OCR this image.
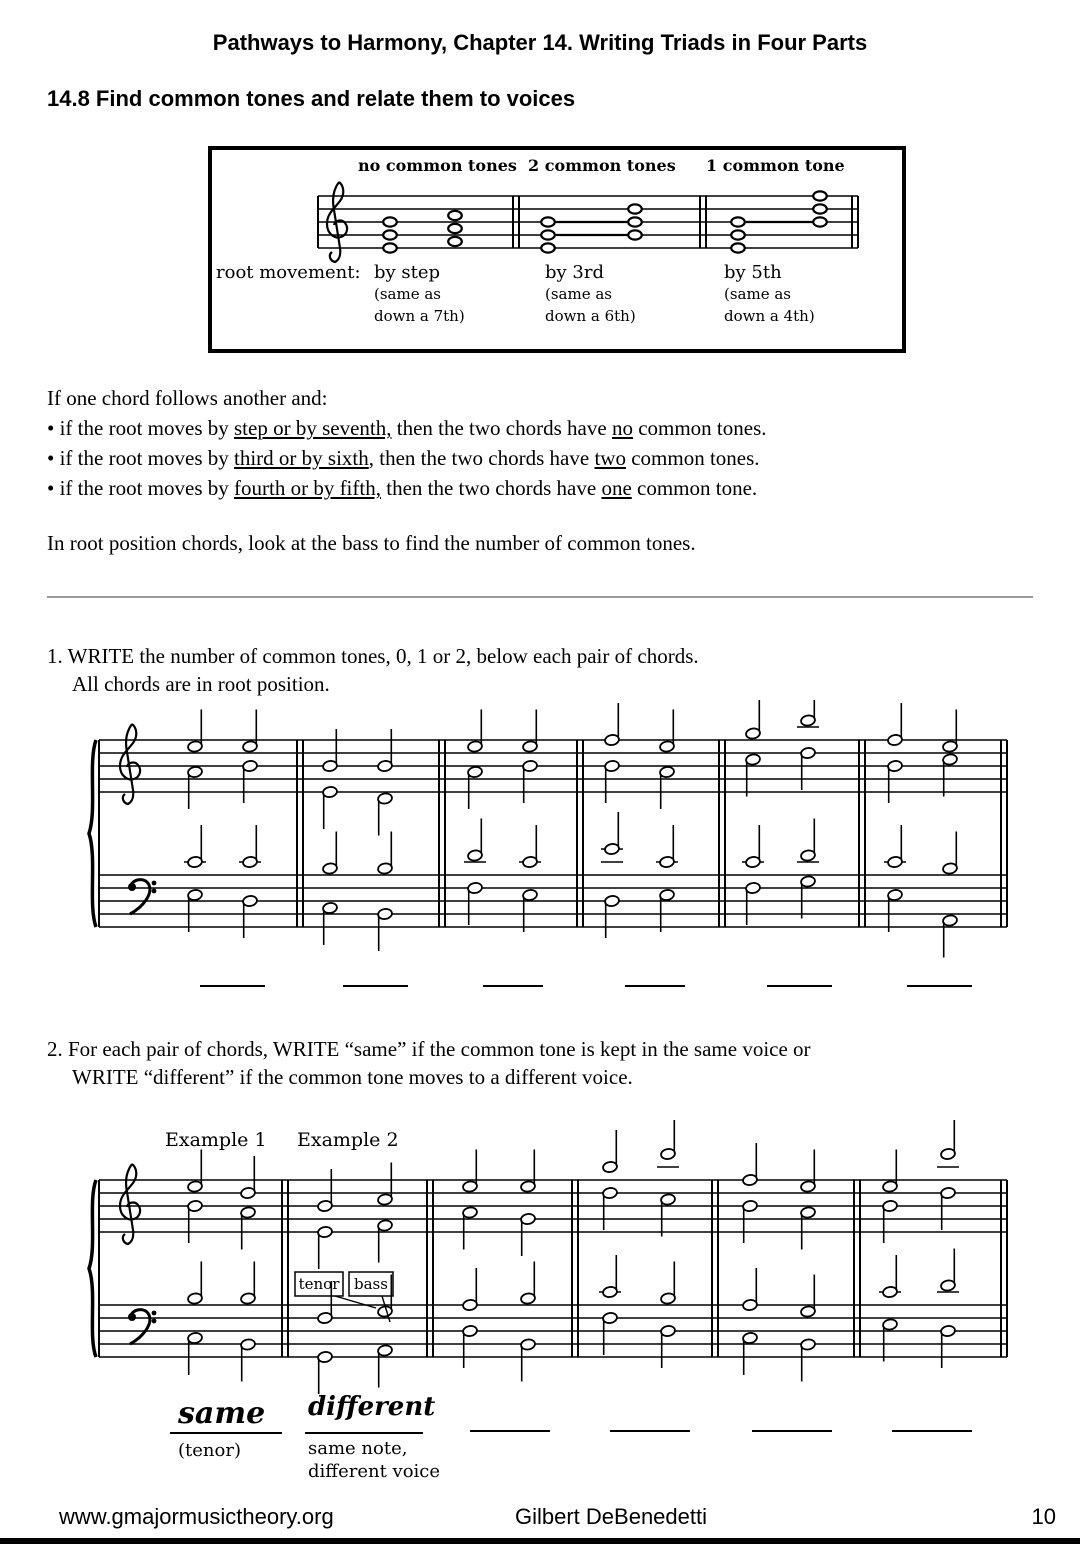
Pathways to Harmony, Chapter 14. Writing Triads in Four Parts
14.8 Find common tones and relate them to voices
no common tones 2 common tones 1 common tone
root movement: by step
(same as
down a 7th)
by 3rd
(same as
down a 6th)
by 5th
(same as
down a 4th)
If one chord follows another and:
• if the root moves by step or by seventh, then the two chords have no common tones.
• if the root moves by third or by sixth, then the two chords have two common tones.
• if the root moves by fourth or by fifth, then the two chords have one common tone.
In root position chords, look at the bass to find the number of common tones.
1. WRITE the number of common tones, 0, 1 or 2, below each pair of chords.
All chords are in root position.
2. For each pair of chords, WRITE “same” if the common tone is kept in the same voice or
WRITE “different” if the common tone moves to a different voice.
Example 1 Example 2
tenor bass
same
(tenor)
different
same note,
different voice
www.gmajormusictheory.org	Gilbert DeBenedetti	10
